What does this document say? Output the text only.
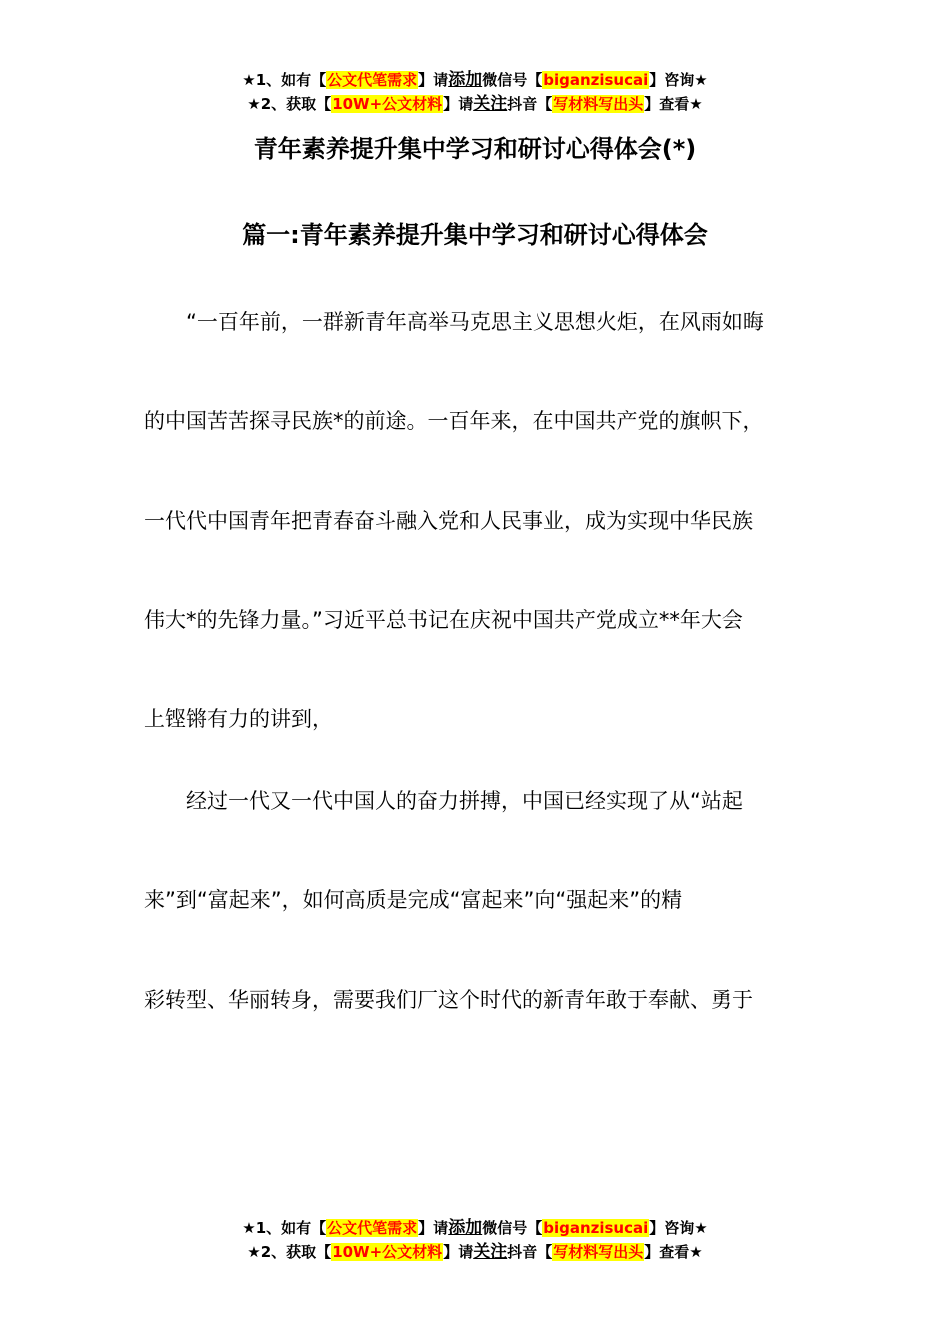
★1、如有【公文代笔需求】请添加微信号【biganzisucai】咨询★
★2、获取【10W+公文材料】请关注抖音【写材料写出头】查看★
青年素养提升集中学习和研讨心得体会(*)
篇一:青年素养提升集中学习和研讨心得体会
“一百年前，一群新青年高举马克思主义思想火炬，在风雨如晦
的中国苦苦探寻民族*的前途。一百年来，在中国共产党的旗帜下，
一代代中国青年把青春奋斗融入党和人民事业，成为实现中华民族
伟大*的先锋力量。”习近平总书记在庆祝中国共产党成立**年大会
上铿锵有力的讲到，
经过一代又一代中国人的奋力拼搏，中国已经实现了从“站起
来”到“富起来”，如何高质是完成“富起来”向“强起来”的精
彩转型、华丽转身，需要我们厂这个时代的新青年敢于奉献、勇于
★1、如有【公文代笔需求】请添加微信号【biganzisucai】咨询★
★2、获取【10W+公文材料】请关注抖音【写材料写出头】查看★
